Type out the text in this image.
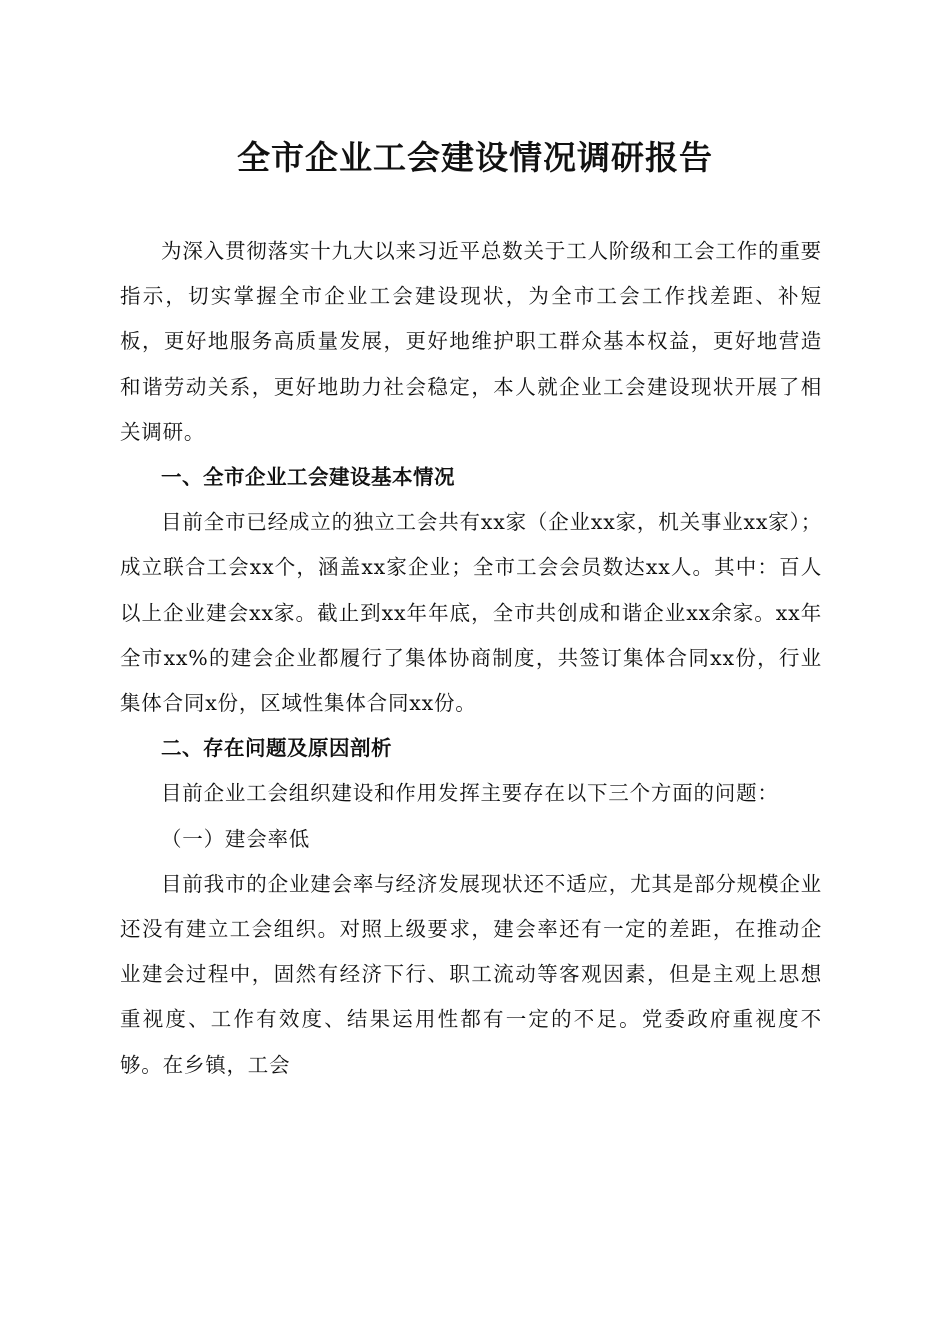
全市企业工会建设情况调研报告

为深入贯彻落实十九大以来习近平总数关于工人阶级和工会工作的重要指示，切实掌握全市企业工会建设现状，为全市工会工作找差距、补短板，更好地服务高质量发展，更好地维护职工群众基本权益，更好地营造和谐劳动关系，更好地助力社会稳定，本人就企业工会建设现状开展了相关调研。

一、全市企业工会建设基本情况

目前全市已经成立的独立工会共有xx家（企业xx家，机关事业xx家）；成立联合工会xx个，涵盖xx家企业；全市工会会员数达xx人。其中：百人以上企业建会xx家。截止到xx年年底，全市共创成和谐企业xx余家。xx年全市xx%的建会企业都履行了集体协商制度，共签订集体合同xx份，行业集体合同x份，区域性集体合同xx份。

二、存在问题及原因剖析

目前企业工会组织建设和作用发挥主要存在以下三个方面的问题：

（一）建会率低

目前我市的企业建会率与经济发展现状还不适应，尤其是部分规模企业还没有建立工会组织。对照上级要求，建会率还有一定的差距，在推动企业建会过程中，固然有经济下行、职工流动等客观因素，但是主观上思想重视度、工作有效度、结果运用性都有一定的不足。党委政府重视度不够。在乡镇，工会
